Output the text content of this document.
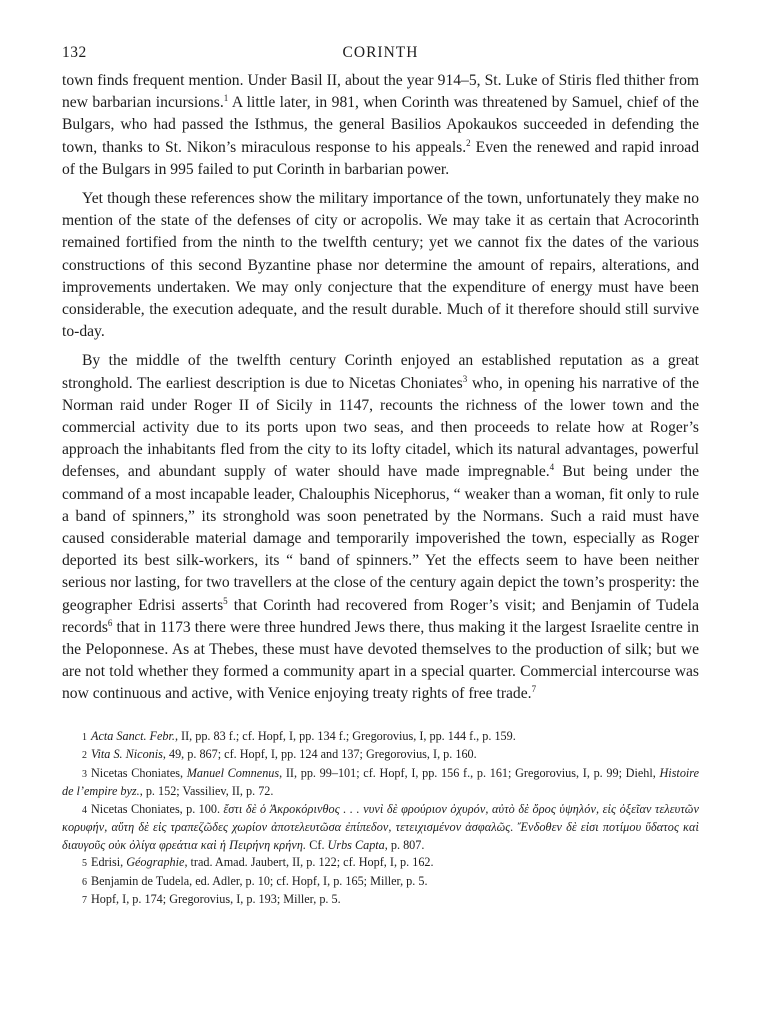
132	CORINTH

town finds frequent mention. Under Basil II, about the year 914–5, St. Luke of Stiris fled thither from new barbarian incursions.$^1$ A little later, in 981, when Corinth was threatened by Samuel, chief of the Bulgars, who had passed the Isthmus, the general Basilios Apokaukos succeeded in defending the town, thanks to St. Nikon’s miraculous response to his appeals.$^2$ Even the renewed and rapid inroad of the Bulgars in 995 failed to put Corinth in barbarian power.

Yet though these references show the military importance of the town, unfortunately they make no mention of the state of the defenses of city or acropolis. We may take it as certain that Acrocorinth remained fortified from the ninth to the twelfth century; yet we cannot fix the dates of the various constructions of this second Byzantine phase nor determine the amount of repairs, alterations, and improvements undertaken. We may only conjecture that the expenditure of energy must have been considerable, the execution adequate, and the result durable. Much of it therefore should still survive to-day.

By the middle of the twelfth century Corinth enjoyed an established reputation as a great stronghold. The earliest description is due to Nicetas Choniates$^3$ who, in opening his narrative of the Norman raid under Roger II of Sicily in 1147, recounts the richness of the lower town and the commercial activity due to its ports upon two seas, and then proceeds to relate how at Roger’s approach the inhabitants fled from the city to its lofty citadel, which its natural advantages, powerful defenses, and abundant supply of water should have made impregnable.$^4$ But being under the command of a most incapable leader, Chalouphis Nicephorus, “ weaker than a woman, fit only to rule a band of spinners,” its stronghold was soon penetrated by the Normans. Such a raid must have caused considerable material damage and temporarily impoverished the town, especially as Roger deported its best silk-workers, its “ band of spinners.” Yet the effects seem to have been neither serious nor lasting, for two travellers at the close of the century again depict the town’s prosperity: the geographer Edrisi asserts$^5$ that Corinth had recovered from Roger’s visit; and Benjamin of Tudela records$^6$ that in 1173 there were three hundred Jews there, thus making it the largest Israelite centre in the Peloponnese. As at Thebes, these must have devoted themselves to the production of silk; but we are not told whether they formed a community apart in a special quarter. Commercial intercourse was now continuous and active, with Venice enjoying treaty rights of free trade.$^7$

1 Acta Sanct. Febr., II, pp. 83 f.; cf. Hopf, I, pp. 134 f.; Gregorovius, I, pp. 144 f., p. 159.

2 Vita S. Niconis, 49, p. 867; cf. Hopf, I, pp. 124 and 137; Gregorovius, I, p. 160.

3 Nicetas Choniates, Manuel Comnenus, II, pp. 99–101; cf. Hopf, I, pp. 156 f., p. 161; Gregorovius, I, p. 99; Diehl, Histoire de l’empire byz., p. 152; Vassiliev, II, p. 72.

4 Nicetas Choniates, p. 100. ἔστι δὲ ὁ Ἀκροκόρινθος . . . νυνὶ δὲ φρούριον ὀχυρόν, αὐτὸ δὲ ὄρος ὑψηλόν, εἰς ὀξεῖαν τελευτῶν κορυφήν, αὕτη δὲ εἰς τραπεζῶδες χωρίον ἀποτελευτῶσα ἐπίπεδον, τετειχισμένον ἀσφαλῶς. Ἔνδοθεν δὲ εἰσι ποτίμου ὕδατος καὶ διαυγοῦς οὐκ ὀλίγα φρεάτια καὶ ἡ Πειρήνη κρήνη. Cf. Urbs Capta, p. 807.

5 Edrisi, Géographie, trad. Amad. Jaubert, II, p. 122; cf. Hopf, I, p. 162.

6 Benjamin de Tudela, ed. Adler, p. 10; cf. Hopf, I, p. 165; Miller, p. 5.

7 Hopf, I, p. 174; Gregorovius, I, p. 193; Miller, p. 5.
